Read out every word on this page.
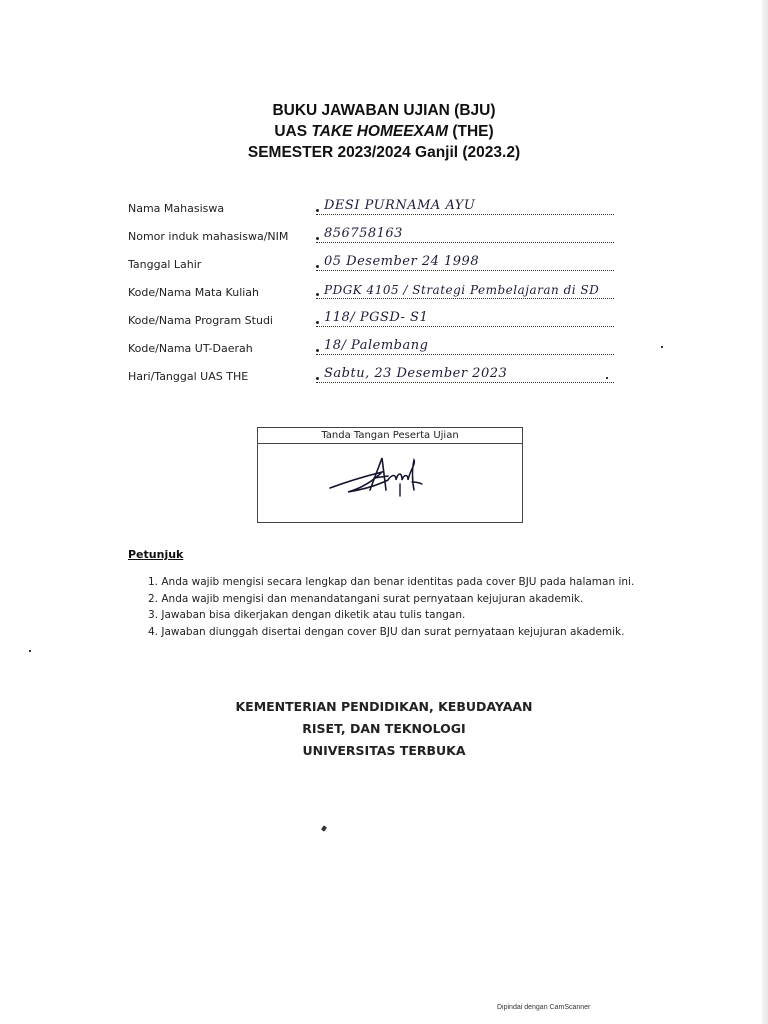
BUKU JAWABAN UJIAN (BJU)
UAS TAKE HOMEEXAM (THE)
SEMESTER 2023/2024 Ganjil (2023.2)
Nama Mahasiswa	DESI PURNAMA AYU
Nomor induk mahasiswa/NIM	856758163
Tanggal Lahir	05 Desember 24 1998
Kode/Nama Mata Kuliah	PDGK 4105 / Strategi Pembelajaran di SD
Kode/Nama Program Studi	118/ PGSD- S1
Kode/Nama UT-Daerah	18/ Palembang
Hari/Tanggal UAS THE	Sabtu, 23 Desember 2023
Tanda Tangan Peserta Ujian
Petunjuk
1. Anda wajib mengisi secara lengkap dan benar identitas pada cover BJU pada halaman ini.
2. Anda wajib mengisi dan menandatangani surat pernyataan kejujuran akademik.
3. Jawaban bisa dikerjakan dengan diketik atau tulis tangan.
4. Jawaban diunggah disertai dengan cover BJU dan surat pernyataan kejujuran akademik.
KEMENTERIAN PENDIDIKAN, KEBUDAYAAN
RISET, DAN TEKNOLOGI
UNIVERSITAS TERBUKA
Dipindai dengan CamScanner
